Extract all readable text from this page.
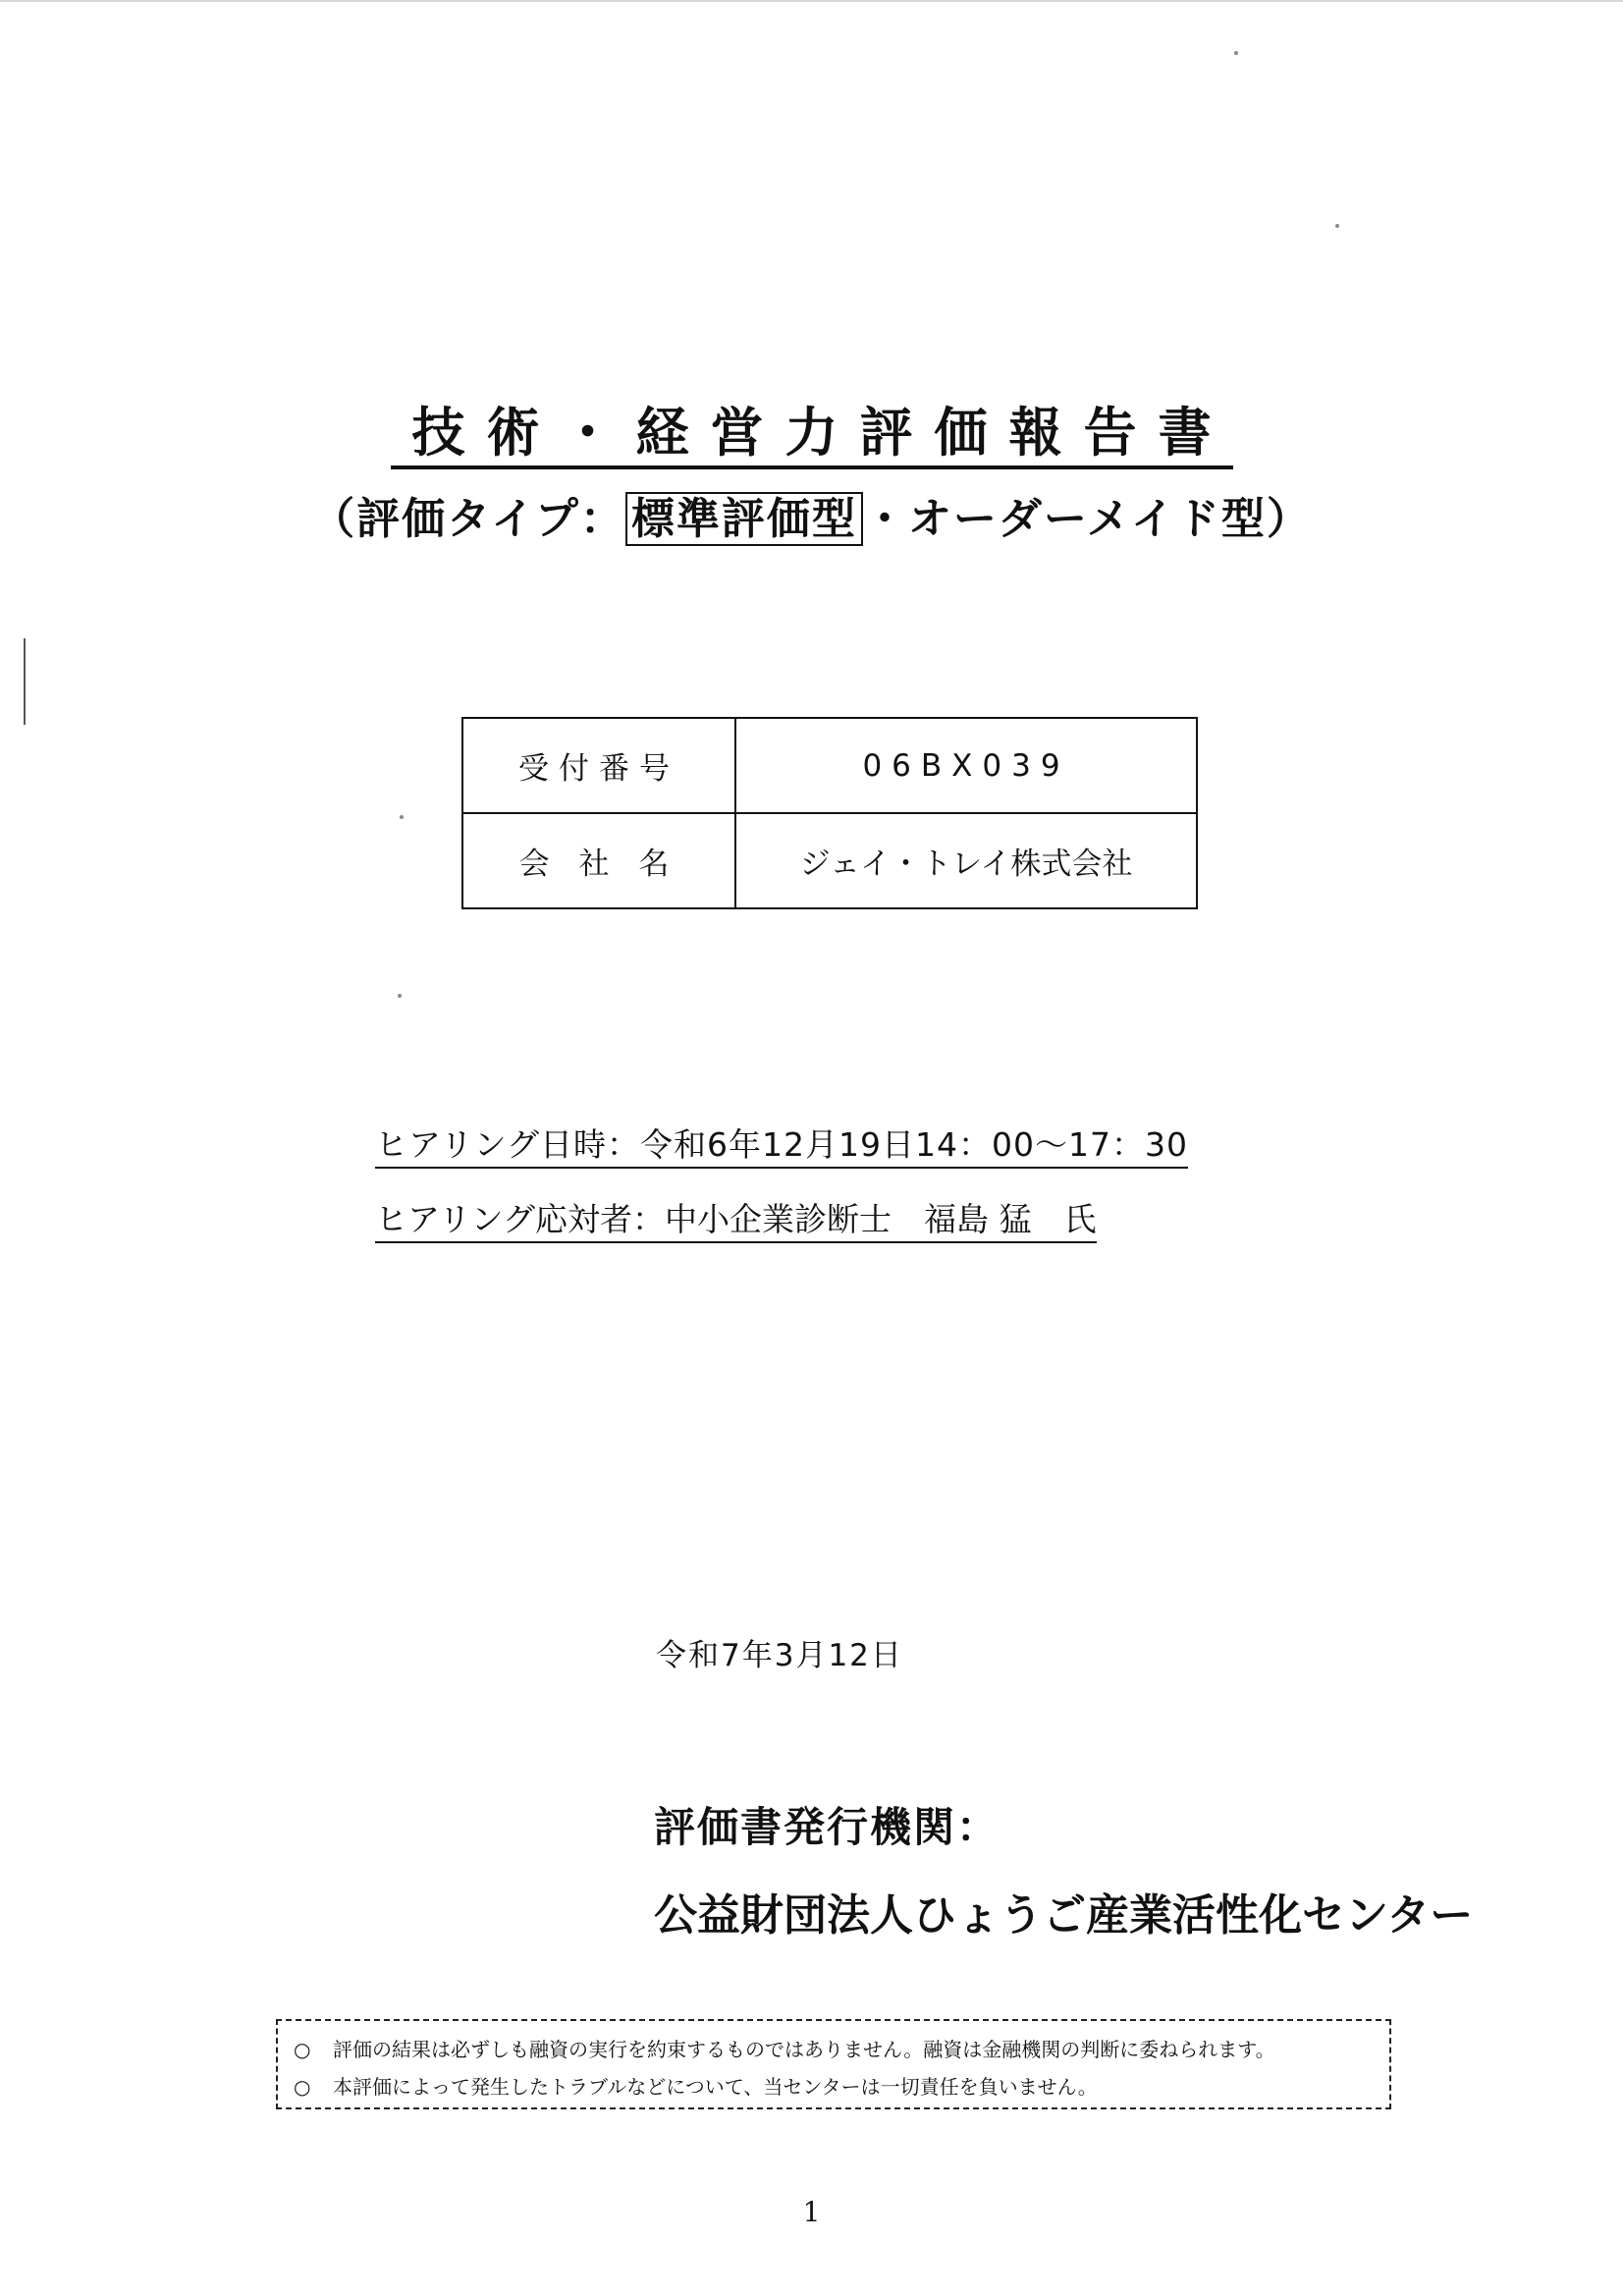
技術・経営力評価報告書
（評価タイプ： 標準評価型 ・オーダーメイド型）
受付番号	06BX039
会 社 名	ジェイ・トレイ株式会社
ヒアリング日時：令和6年12月19日14：00～17：30
ヒアリング応対者：中小企業診断士　福島 猛　氏
令和7年3月12日
評価書発行機関：
公益財団法人ひょうご産業活性化センター
○ 評価の結果は必ずしも融資の実行を約束するものではありません。融資は金融機関の判断に委ねられます。
○ 本評価によって発生したトラブルなどについて、当センターは一切責任を負いません。
1
